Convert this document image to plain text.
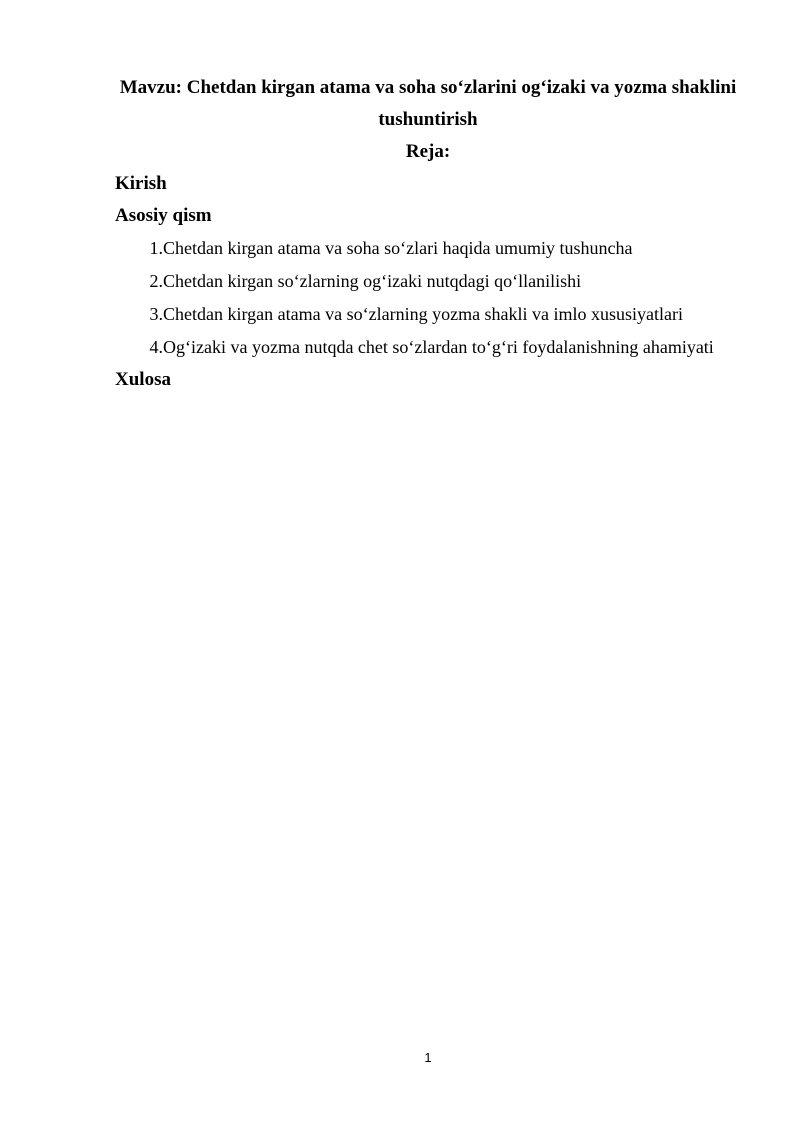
Mavzu: Chetdan kirgan atama va soha so‘zlarini og‘izaki va yozma shaklini tushuntirish

Reja:

Kirish

Asosiy qism

1. Chetdan kirgan atama va soha so‘zlari haqida umumiy tushuncha
2. Chetdan kirgan so‘zlarning og‘izaki nutqdagi qo‘llanilishi
3. Chetdan kirgan atama va so‘zlarning yozma shakli va imlo xususiyatlari
4. Og‘izaki va yozma nutqda chet so‘zlardan to‘g‘ri foydalanishning ahamiyati

Xulosa

1
